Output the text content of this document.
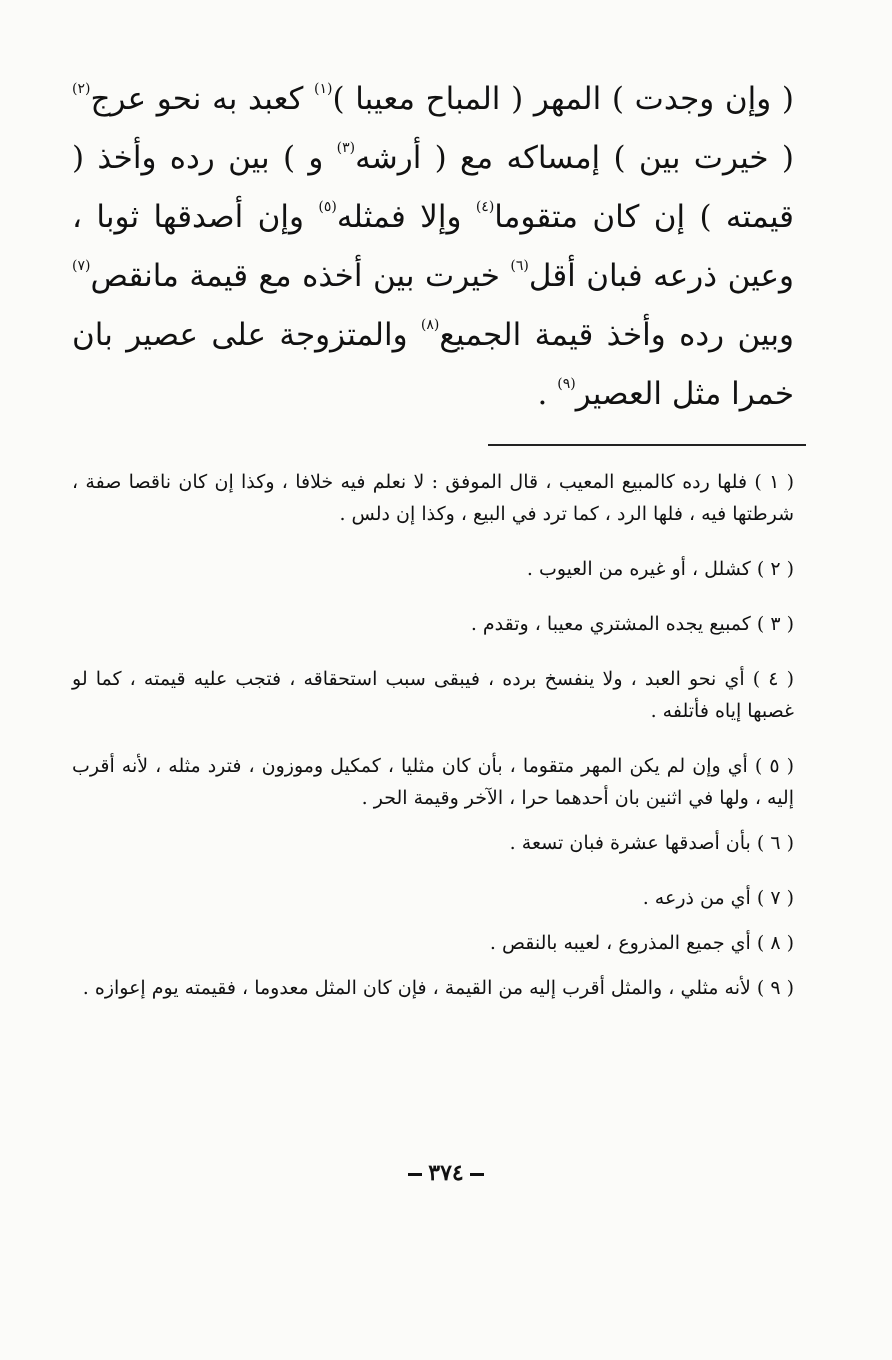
( وإن وجدت ) المهر ( المباح معيبا )$^{(١)}$ كعبد به نحو عرج$^{(٢)}$ ( خيرت بين ) إمساكه مع ( أرشه$^{(٣)}$ و ) بين رده وأخذ ( قيمته ) إن كان متقوما$^{(٤)}$ وإلا فمثله$^{(٥)}$ وإن أصدقها ثوبا ، وعين ذرعه فبان أقل$^{(٦)}$ خيرت بين أخذه مع قيمة مانقص$^{(٧)}$ وبين رده وأخذ قيمة الجميع$^{(٨)}$ والمتزوجة على عصير بان خمرا مثل العصير$^{(٩)}$ .

( ١ ) فلها رده كالمبيع المعيب ، قال الموفق : لا نعلم فيه خلافا ، وكذا إن كان ناقصا صفة ، شرطتها فيه ، فلها الرد ، كما ترد في البيع ، وكذا إن دلس .

( ٢ ) كشلل ، أو غيره من العيوب .

( ٣ ) كمبيع يجده المشتري معيبا ، وتقدم .

( ٤ ) أي نحو العبد ، ولا ينفسخ برده ، فيبقى سبب استحقاقه ، فتجب عليه قيمته ، كما لو غصبها إياه فأتلفه .

( ٥ ) أي وإن لم يكن المهر متقوما ، بأن كان مثليا ، كمكيل وموزون ، فترد مثله ، لأنه أقرب إليه ، ولها في اثنين بان أحدهما حرا ، الآخر وقيمة الحر .

( ٦ ) بأن أصدقها عشرة فبان تسعة .

( ٧ ) أي من ذرعه .

( ٨ ) أي جميع المذروع ، لعيبه بالنقص .

( ٩ ) لأنه مثلي ، والمثل أقرب إليه من القيمة ، فإن كان المثل معدوما ، فقيمته يوم إعوازه .

٣٧٤
